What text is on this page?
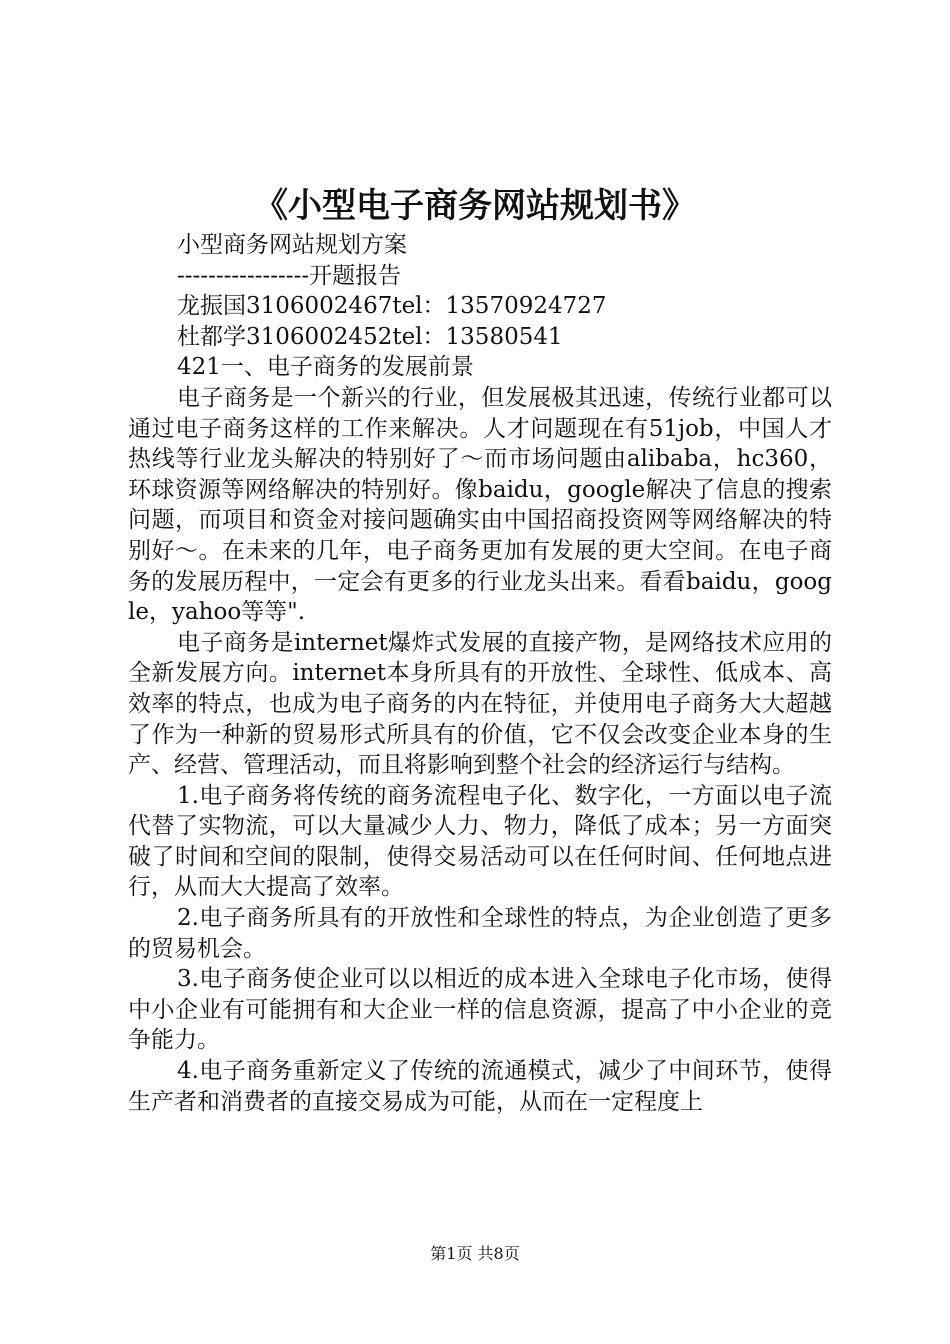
《小型电子商务网站规划书》

小型商务网站规划方案

-----------------开题报告

龙振国3106002467tel：13570924727

杜都学3106002452tel：13580541

421一、电子商务的发展前景

电子商务是一个新兴的行业，但发展极其迅速，传统行业都可以通过电子商务这样的工作来解决。人才问题现在有51job，中国人才热线等行业龙头解决的特别好了～而市场问题由alibaba，hc360，环球资源等网络解决的特别好。像baidu，google解决了信息的搜索问题，而项目和资金对接问题确实由中国招商投资网等网络解决的特别好～。在未来的几年，电子商务更加有发展的更大空间。在电子商务的发展历程中，一定会有更多的行业龙头出来。看看baidu，google，yahoo等等".

电子商务是internet爆炸式发展的直接产物，是网络技术应用的全新发展方向。internet本身所具有的开放性、全球性、低成本、高效率的特点，也成为电子商务的内在特征，并使用电子商务大大超越了作为一种新的贸易形式所具有的价值，它不仅会改变企业本身的生产、经营、管理活动，而且将影响到整个社会的经济运行与结构。

1.电子商务将传统的商务流程电子化、数字化，一方面以电子流代替了实物流，可以大量减少人力、物力，降低了成本；另一方面突破了时间和空间的限制，使得交易活动可以在任何时间、任何地点进行，从而大大提高了效率。

2.电子商务所具有的开放性和全球性的特点，为企业创造了更多的贸易机会。

3.电子商务使企业可以以相近的成本进入全球电子化市场，使得中小企业有可能拥有和大企业一样的信息资源，提高了中小企业的竞争能力。

4.电子商务重新定义了传统的流通模式，减少了中间环节，使得生产者和消费者的直接交易成为可能，从而在一定程度上

第1页 共8页
